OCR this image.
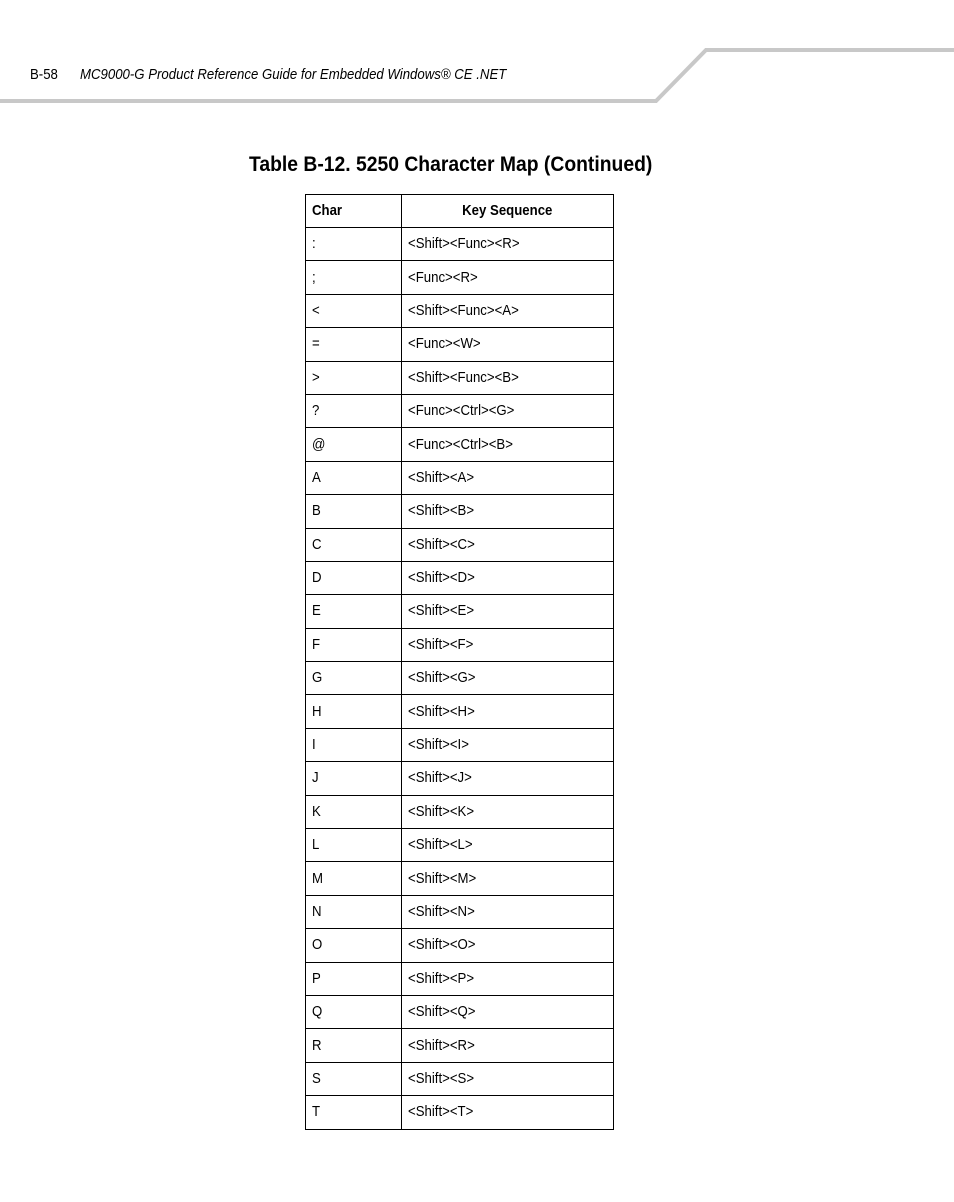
B-58 MC9000-G Product Reference Guide for Embedded Windows® CE .NET
Table B-12. 5250 Character Map (Continued)
Char	Key Sequence
:	<Shift><Func><R>
;	<Func><R>
<	<Shift><Func><A>
=	<Func><W>
>	<Shift><Func><B>
?	<Func><Ctrl><G>
@	<Func><Ctrl><B>
A	<Shift><A>
B	<Shift><B>
C	<Shift><C>
D	<Shift><D>
E	<Shift><E>
F	<Shift><F>
G	<Shift><G>
H	<Shift><H>
I	<Shift><I>
J	<Shift><J>
K	<Shift><K>
L	<Shift><L>
M	<Shift><M>
N	<Shift><N>
O	<Shift><O>
P	<Shift><P>
Q	<Shift><Q>
R	<Shift><R>
S	<Shift><S>
T	<Shift><T>
